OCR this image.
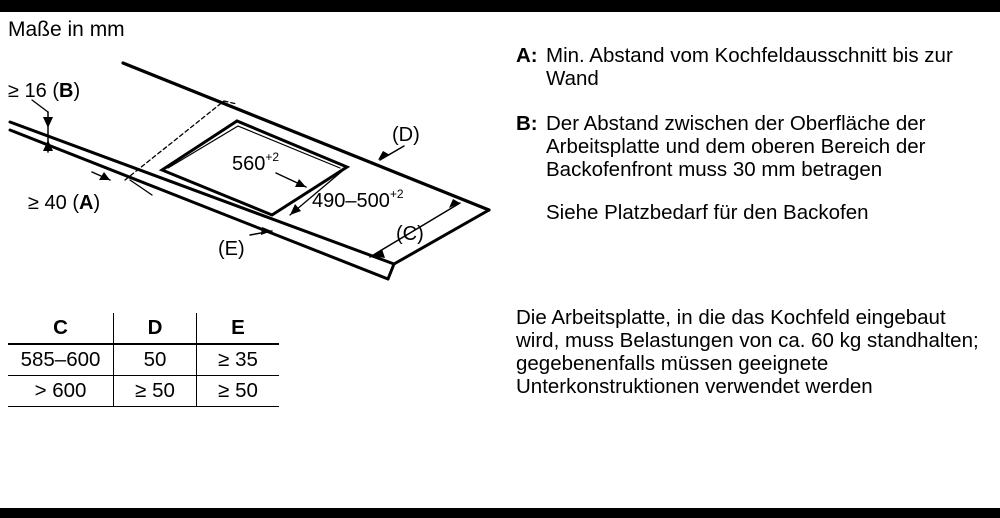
Maße in mm
≥ 16 (B)
≥ 40 (A)
$560^{+2}$
$490-500^{+2}$
(D)
(C)
(E)
C	D	E
585–600	50	≥ 35
> 600	≥ 50	≥ 50
A: Min. Abstand vom Kochfeldausschnitt bis zur Wand
B: Der Abstand zwischen der Oberfläche der Arbeitsplatte und dem oberen Bereich der Backofenfront muss 30 mm betragen
Siehe Platzbedarf für den Backofen
Die Arbeitsplatte, in die das Kochfeld eingebaut wird, muss Belastungen von ca. 60 kg standhalten; gegebenenfalls müssen geeignete Unterkonstruktionen verwendet werden
